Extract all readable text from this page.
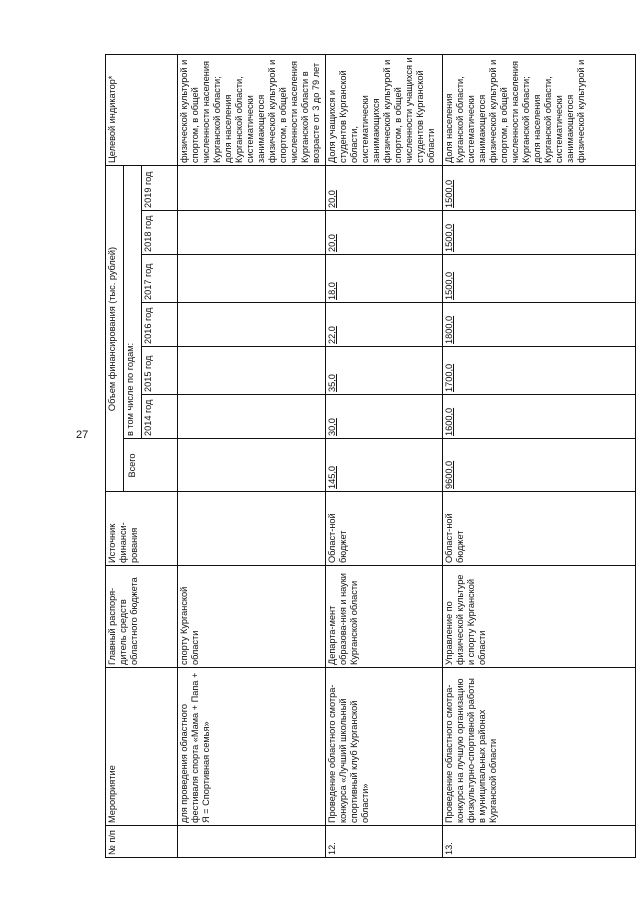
27
№ п/п
Мероприятие
Главный распоря-дитель средств областного бюджета
Источник финанси-рования
Объем финансирования (тыс. рублей)
Всего
в том числе по годам: 2014 год
2015 год
2016 год
2017 год
2018 год
2019 год
Целевой индикатор*
для проведения областного фестиваля спорта «Мама + Папа + Я = Спортивная семья»
спорту Курганской области
физической культурой и спортом, в общей численности населения Курганской области; доля населения Курганской области, систематически занимающегося физической культурой и спортом, в общей численности населения Курганской области в возрасте от 3 до 79 лет
12.
Проведение областного смотра-конкурса «Лучший школьный спортивный клуб Курганской области»
Департа-мент образова-ния и науки Курганской области
Област-ной бюджет
145,0
30,0
35,0
22,0
18,0
20,0
20,0
Доля учащихся и студентов Курганской области, систематически занимающихся физической культурой и спортом, в общей численности учащихся и студентов Курганской области
13.
Проведение областного смотра-конкурса на лучшую организацию физкультурно-спортивной работы в муниципальных районах Курганской области
Управление по физической культуре и спорту Курганской области
Област-ной бюджет
9600,0
1600,0
1700,0
1800,0
1500,0
1500,0
1500,0
Доля населения Курганской области, систематически занимающегося физической культурой и спортом, в общей численности населения Курганской области; доля населения Курганской области, систематически занимающегося физической культурой и
